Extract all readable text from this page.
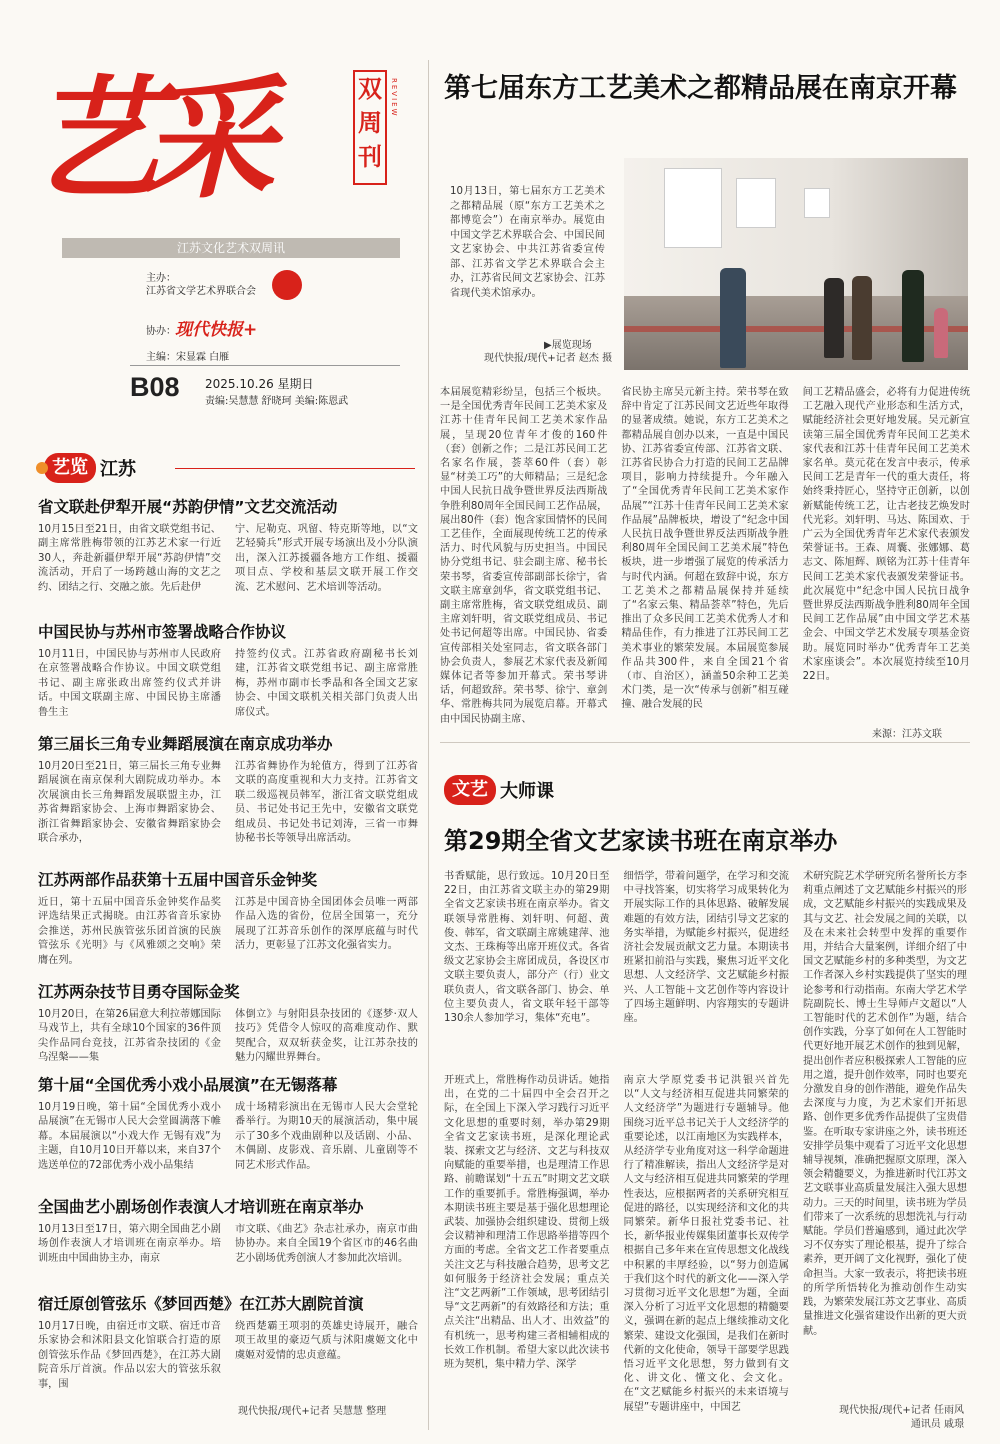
艺采	双周刊
REVIEW
江苏文化艺术双周讯
主办：
江苏省文学艺术界联合会
协办： 现代快报+
主编：宋显霖 白雁
B08 2025.10.26 星期日
责编:吴慧慧 舒晓珂 美编:陈恩武
艺览 江苏
省文联赴伊犁开展“苏韵伊情”文艺交流活动

10月15日至21日，由省文联党组书记、副主席常胜梅带领的江苏艺术家一行近30人，奔赴新疆伊犁开展“苏韵伊情”交流活动，开启了一场跨越山海的文艺之约、团结之行、交融之旅。先后赴伊

宁、尼勒克、巩留、特克斯等地，以“文艺轻骑兵”形式开展专场演出及小分队演出，深入江苏援疆各地方工作组、援疆项目点、学校和基层文联开展工作交流、艺术慰问、艺术培训等活动。

中国民协与苏州市签署战略合作协议

10月11日，中国民协与苏州市人民政府在京签署战略合作协议。中国文联党组书记、副主席张政出席签约仪式并讲话。中国文联副主席、中国民协主席潘鲁生主

持签约仪式。江苏省政府副秘书长刘建，江苏省文联党组书记、副主席常胜梅，苏州市副市长季晶和各全国文艺家协会、中国文联机关相关部门负责人出席仪式。

第三届长三角专业舞蹈展演在南京成功举办

10月20日至21日，第三届长三角专业舞蹈展演在南京保利大剧院成功举办。本次展演由长三角舞蹈发展联盟主办，江苏省舞蹈家协会、上海市舞蹈家协会、浙江省舞蹈家协会、安徽省舞蹈家协会联合承办，

江苏省舞协作为轮值方，得到了江苏省文联的高度重视和大力支持。江苏省文联二级巡视员韩军，浙江省文联党组成员、书记处书记王先中，安徽省文联党组成员、书记处书记刘涛，三省一市舞协秘书长等领导出席活动。

江苏两部作品获第十五届中国音乐金钟奖

近日，第十五届中国音乐金钟奖作品奖评选结果正式揭晓。由江苏省音乐家协会推送，苏州民族管弦乐团首演的民族管弦乐《光明》与《风雅颂之交响》荣膺在列。

江苏是中国音协全国团体会员唯一两部作品入选的省份，位居全国第一，充分展现了江苏音乐创作的深厚底蕴与时代活力，更彰显了江苏文化强省实力。

江苏两杂技节目勇夺国际金奖

10月20日，在第26届意大利拉蒂娜国际马戏节上，共有全球10个国家的36件顶尖作品同台竞技，江苏省杂技团的《金乌涅槃——集

体倒立》与射阳县杂技团的《逐梦·双人技巧》凭借令人惊叹的高难度动作、默契配合，双双斩获金奖，让江苏杂技的魅力闪耀世界舞台。

第十届“全国优秀小戏小品展演”在无锡落幕

10月19日晚，第十届“全国优秀小戏小品展演”在无锡市人民大会堂圆满落下帷幕。本届展演以“小戏大作 无锡有戏”为主题，自10月10日开幕以来，来自37个选送单位的72部优秀小戏小品集结

成十场精彩演出在无锡市人民大会堂轮番举行。为期10天的展演活动，集中展示了30多个戏曲剧种以及话剧、小品、木偶剧、皮影戏、音乐剧、儿童剧等不同艺术形式作品。

全国曲艺小剧场创作表演人才培训班在南京举办

10月13日至17日，第六期全国曲艺小剧场创作表演人才培训班在南京举办。培训班由中国曲协主办，南京

市文联、《曲艺》杂志社承办，南京市曲协协办。来自全国19个省区市的46名曲艺小剧场优秀创演人才参加此次培训。

宿迁原创管弦乐《梦回西楚》在江苏大剧院首演

10月17日晚，由宿迁市文联、宿迁市音乐家协会和沭阳县文化馆联合打造的原创管弦乐作品《梦回西楚》，在江苏大剧院音乐厅首演。作品以宏大的管弦乐叙事，围

绕西楚霸王项羽的英雄史诗展开，融合项王故里的豪迈气质与沭阳虞姬文化中虞姬对爱情的忠贞意蕴。

现代快报/现代+记者 吴慧慧 整理
第七届东方工艺美术之都精品展在南京开幕
10月13日，第七届东方工艺美术之都精品展（原“东方工艺美术之都博览会”）在南京举办。展览由中国文学艺术界联合会、中国民间文艺家协会、中共江苏省委宣传部、江苏省文学艺术界联合会主办，江苏省民间文艺家协会、江苏省现代美术馆承办。
▶展览现场
现代快报/现代+记者 赵杰 摄

本届展览精彩纷呈，包括三个板块。一是全国优秀青年民间工艺美术家及江苏十佳青年民间工艺美术家作品展，呈现20位青年才俊的160件（套）创新之作；二是江苏民间工艺名家名作展，荟萃60件（套）彰显“材美工巧”的大师精品；三是纪念中国人民抗日战争暨世界反法西斯战争胜利80周年全国民间工艺作品展，展出80件（套）饱含家国情怀的民间工艺佳作，全面展现传统工艺的传承活力、时代风貌与历史担当。中国民协分党组书记、驻会副主席、秘书长荣书琴，省委宣传部副部长徐宁，省文联主席章剑华，省文联党组书记、副主席常胜梅，省文联党组成员、副主席刘轩明，省文联党组成员、书记处书记何超等出席。中国民协、省委宣传部相关处室同志，省文联各部门协会负责人，参展艺术家代表及新闻媒体记者等参加开幕式。荣书琴讲话，何超致辞。荣书琴、徐宁、章剑华、常胜梅共同为展览启幕。开幕式由中国民协副主席、

省民协主席吴元新主持。荣书琴在致辞中肯定了江苏民间文艺近些年取得的显著成绩。她说，东方工艺美术之都精品展自创办以来，一直是中国民协、江苏省委宣传部、江苏省文联、江苏省民协合力打造的民间工艺品牌项目，影响力持续提升。今年融入了“全国优秀青年民间工艺美术家作品展”“江苏十佳青年民间工艺美术家作品展”品牌板块，增设了“纪念中国人民抗日战争暨世界反法西斯战争胜利80周年全国民间工艺美术展”特色板块，进一步增强了展览的传承活力与时代内涵。何超在致辞中说，东方工艺美术之都精品展保持并延续了“名家云集、精品荟萃”特色，先后推出了众多民间工艺美术优秀人才和精品佳作，有力推进了江苏民间工艺美术事业的繁荣发展。本届展览参展作品共300件，来自全国21个省（市、自治区），涵盖50余种工艺美术门类，是一次“传承与创新”相互碰撞、融合发展的民

间工艺精品盛会，必将有力促进传统工艺融入现代产业形态和生活方式，赋能经济社会更好地发展。吴元新宣读第三届全国优秀青年民间工艺美术家代表和江苏十佳青年民间工艺美术家名单。莫元花在发言中表示，传承民间工艺是青年一代的重大责任，将始终秉持匠心，坚持守正创新，以创新赋能传统工艺，让古老技艺焕发时代光彩。刘轩明、马达、陈国欢、于广云为全国优秀青年艺术家代表颁发荣誉证书。王森、周囊、张娜娜、葛志文、陈旭辉、顾铭为江苏十佳青年民间工艺美术家代表颁发荣誉证书。此次展览中“纪念中国人民抗日战争暨世界反法西斯战争胜利80周年全国民间工艺作品展”由中国文学艺术基金会、中国文学艺术发展专项基金资助。展览同时举办“优秀青年工艺美术家座谈会”。本次展览持续至10月22日。

来源：江苏文联
文艺 大师课
第29期全省文艺家读书班在南京举办

书香赋能，思行致远。10月20日至22日，由江苏省文联主办的第29期全省文艺家读书班在南京举办。省文联领导常胜梅、刘轩明、何超、黄俊、韩军，省文联副主席姚建萍、池文杰、王珠梅等出席开班仪式。各省级文艺家协会主席团成员，各设区市文联主要负责人，部分产（行）业文联负责人，省文联各部门、协会、单位主要负责人，省文联年轻干部等130余人参加学习，集体“充电”。

细悟学，带着问题学，在学习和交流中寻找答案，切实将学习成果转化为开展实际工作的具体思路、破解发展难题的有效方法，团结引导文艺家的务实举措，为赋能乡村振兴，促进经济社会发展贡献文艺力量。本期读书班紧扣前沿与实践，聚焦习近平文化思想、人文经济学、文艺赋能乡村振兴、人工智能＋文艺创作等内容设计了四场主题鲜明、内容翔实的专题讲座。

开班式上，常胜梅作动员讲话。她指出，在党的二十届四中全会召开之际，在全国上下深入学习践行习近平文化思想的重要时刻，举办第29期全省文艺家读书班，是深化理论武装、探索文艺与经济、文艺与科技双向赋能的重要举措，也是理清工作思路、前瞻谋划“十五五”时期文艺文联工作的重要抓手。常胜梅强调，举办本期读书班主要是基于强化思想理论武装、加强协会组织建设、贯彻上级会议精神和理清工作思路举措等四个方面的考虑。全省文艺工作者要重点关注文艺与科技融合趋势，思考文艺如何服务于经济社会发展；重点关注“文艺两新”工作领域，思考团结引导“文艺两新”的有效路径和方法；重点关注“出精品、出人才、出效益”的有机统一，思考构建三者相辅相成的长效工作机制。希望大家以此次读书班为契机，集中精力学、深学

南京大学原党委书记洪银兴首先以“人文与经济相互促进共同繁荣的人文经济学”为题进行专题辅导。他围绕习近平总书记关于人文经济学的重要论述，以江南地区为实践样本，从经济学专业角度对这一科学命题进行了精准解读，指出人文经济学是对人文与经济相互促进共同繁荣的学理性表达，应根据两者的关系研究相互促进的路径，以实现经济和文化的共同繁荣。新华日报社党委书记、社长，新华报业传媒集团董事长双传学根据自己多年来在宣传思想文化战线中积累的丰厚经验，以“努力创造属于我们这个时代的新文化——深入学习贯彻习近平文化思想”为题，全面深入分析了习近平文化思想的精髓要义，强调在新的起点上继续推动文化繁荣、建设文化强国，是我们在新时代新的文化使命，领导干部要学思践悟习近平文化思想，努力做到有文化、讲文化、懂文化、会文化。在“文艺赋能乡村振兴的未来语境与展望”专题讲座中，中国艺

术研究院艺术学研究所名誉所长方李莉重点阐述了文艺赋能乡村振兴的形成，文艺赋能乡村振兴的实践成果及其与文艺、社会发展之间的关联，以及在未来社会转型中发挥的重要作用，并结合大量案例，详细介绍了中国文艺赋能乡村的多种类型，为文艺工作者深入乡村实践提供了坚实的理论参考和行动指南。东南大学艺术学院副院长、博士生导师卢文超以“人工智能时代的艺术创作”为题，结合创作实践，分享了如何在人工智能时代更好地开展艺术创作的独到见解，提出创作者应积极探索人工智能的应用之道，提升创作效率，同时也要充分激发自身的创作潜能，避免作品失去深度与力度，为艺术家们开拓思路、创作更多优秀作品提供了宝贵借鉴。在听取专家讲座之外，读书班还安排学员集中观看了习近平文化思想辅导视频，准确把握原文原理，深入领会精髓要义，为推进新时代江苏文艺文联事业高质量发展注入强大思想动力。三天的时间里，读书班为学员们带来了一次系统的思想洗礼与行动赋能。学员们普遍感到，通过此次学习不仅夯实了理论根基，提升了综合素养，更开阔了文化视野，强化了使命担当。大家一致表示，将把读书班的所学所悟转化为推动创作生动实践，为繁荣发展江苏文艺事业、高质量推进文化强省建设作出新的更大贡献。
现代快报/现代+记者 任雨风
通讯员 戚璟
